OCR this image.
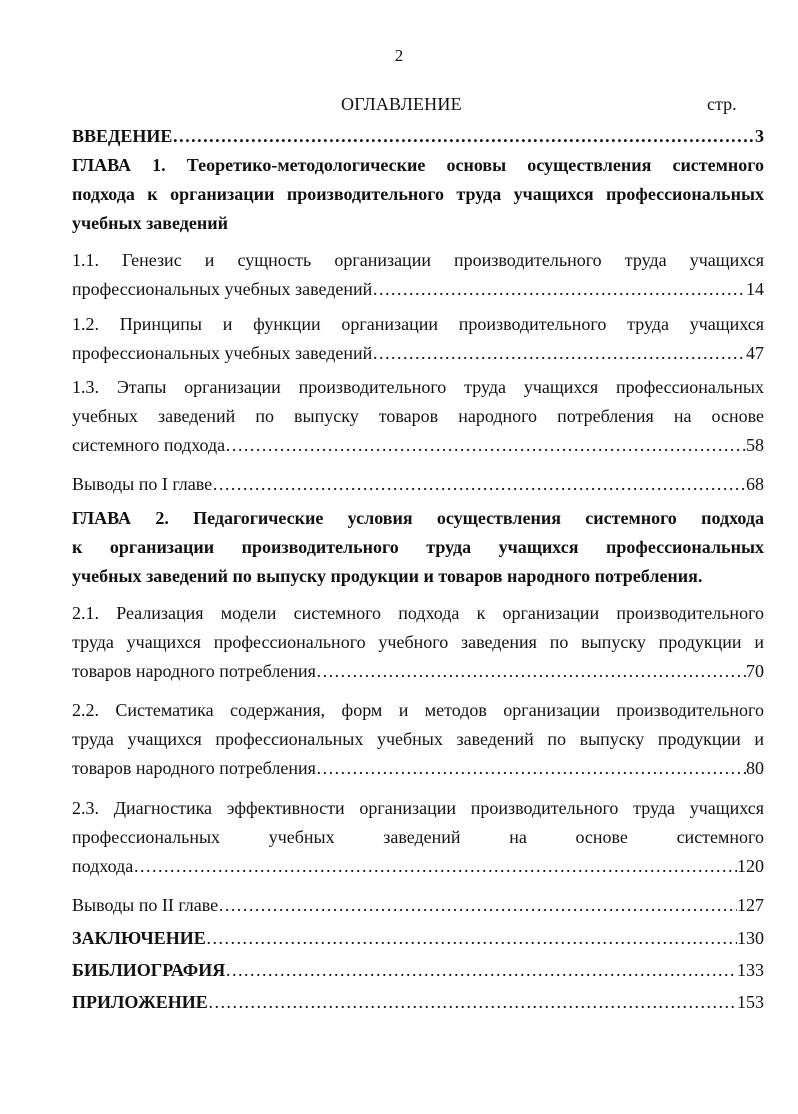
2
ОГЛАВЛЕНИЕ	стр.
ВВЕДЕНИЕ …………………………………………………………………………………………………………………………………………………………………………………………………………	3
ГЛАВА 1. Теоретико-методологические основы осуществления системного
подхода к организации производительного труда учащихся профессиональных
учебных заведений
1.1. Генезис и сущность организации производительного труда учащихся
профессиональных учебных заведений …………………………………………………………………………………………………………………………………………………………………………………………………………	14
1.2. Принципы и функции организации производительного труда учащихся
профессиональных учебных заведений …………………………………………………………………………………………………………………………………………………………………………………………………………	47
1.3. Этапы организации производительного труда учащихся профессиональных
учебных заведений по выпуску товаров народного потребления на основе
системного подхода …………………………………………………………………………………………………………………………………………………………………………………………………………	58
Выводы по I главе …………………………………………………………………………………………………………………………………………………………………………………………………………	68
ГЛАВА 2. Педагогические условия осуществления системного подхода
к организации производительного труда учащихся профессиональных
учебных заведений по выпуску продукции и товаров народного потребления.
2.1. Реализация модели системного подхода к организации производительного
труда учащихся профессионального учебного заведения по выпуску продукции и
товаров народного потребления …………………………………………………………………………………………………………………………………………………………………………………………………………	70
2.2. Систематика содержания, форм и методов организации производительного
труда учащихся профессиональных учебных заведений по выпуску продукции и
товаров народного потребления …………………………………………………………………………………………………………………………………………………………………………………………………………	80
2.3. Диагностика эффективности организации производительного труда учащихся
профессиональных учебных заведений на основе системного
подхода …………………………………………………………………………………………………………………………………………………………………………………………………………	120
Выводы по II главе …………………………………………………………………………………………………………………………………………………………………………………………………………	127
ЗАКЛЮЧЕНИЕ …………………………………………………………………………………………………………………………………………………………………………………………………………	130
БИБЛИОГРАФИЯ …………………………………………………………………………………………………………………………………………………………………………………………………………	133
ПРИЛОЖЕНИЕ …………………………………………………………………………………………………………………………………………………………………………………………………………	153
